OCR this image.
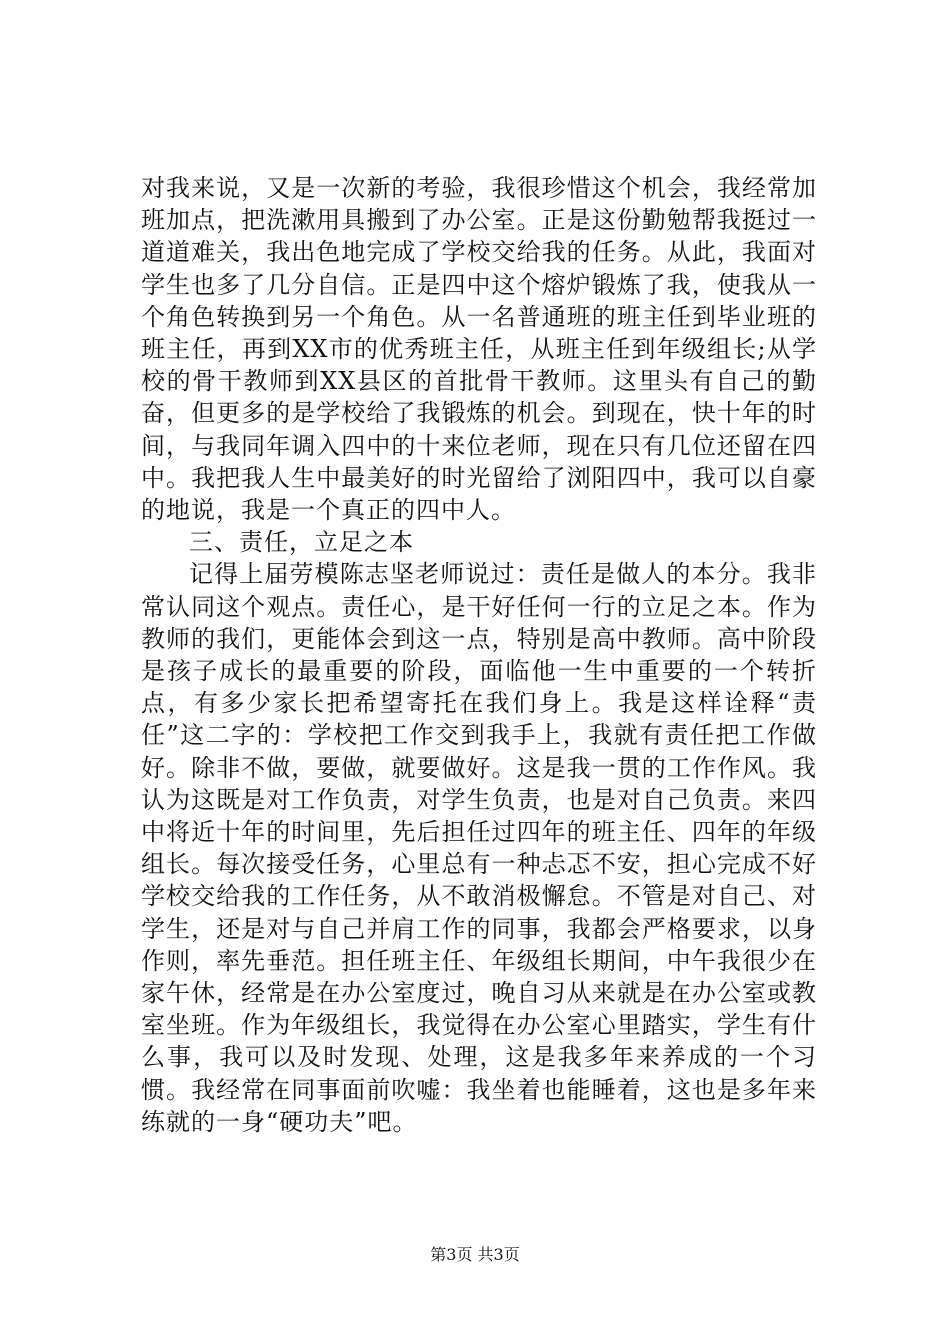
对我来说，又是一次新的考验，我很珍惜这个机会，我经常加班加点，把洗漱用具搬到了办公室。正是这份勤勉帮我挺过一道道难关，我出色地完成了学校交给我的任务。从此，我面对学生也多了几分自信。正是四中这个熔炉锻炼了我，使我从一个角色转换到另一个角色。从一名普通班的班主任到毕业班的班主任，再到XX市的优秀班主任，从班主任到年级组长;从学校的骨干教师到XX县区的首批骨干教师。这里头有自己的勤奋，但更多的是学校给了我锻炼的机会。到现在，快十年的时间，与我同年调入四中的十来位老师，现在只有几位还留在四中。我把我人生中最美好的时光留给了浏阳四中，我可以自豪的地说，我是一个真正的四中人。

三、责任，立足之本

记得上届劳模陈志坚老师说过：责任是做人的本分。我非常认同这个观点。责任心，是干好任何一行的立足之本。作为教师的我们，更能体会到这一点，特别是高中教师。高中阶段是孩子成长的最重要的阶段，面临他一生中重要的一个转折点，有多少家长把希望寄托在我们身上。我是这样诠释“责任”这二字的：学校把工作交到我手上，我就有责任把工作做好。除非不做，要做，就要做好。这是我一贯的工作作风。我认为这既是对工作负责，对学生负责，也是对自己负责。来四中将近十年的时间里，先后担任过四年的班主任、四年的年级组长。每次接受任务，心里总有一种忐忑不安，担心完成不好学校交给我的工作任务，从不敢消极懈怠。不管是对自己、对学生，还是对与自己并肩工作的同事，我都会严格要求，以身作则，率先垂范。担任班主任、年级组长期间，中午我很少在家午休，经常是在办公室度过，晚自习从来就是在办公室或教室坐班。作为年级组长，我觉得在办公室心里踏实，学生有什么事，我可以及时发现、处理，这是我多年来养成的一个习惯。我经常在同事面前吹嘘：我坐着也能睡着，这也是多年来练就的一身“硬功夫”吧。

第3页 共3页
